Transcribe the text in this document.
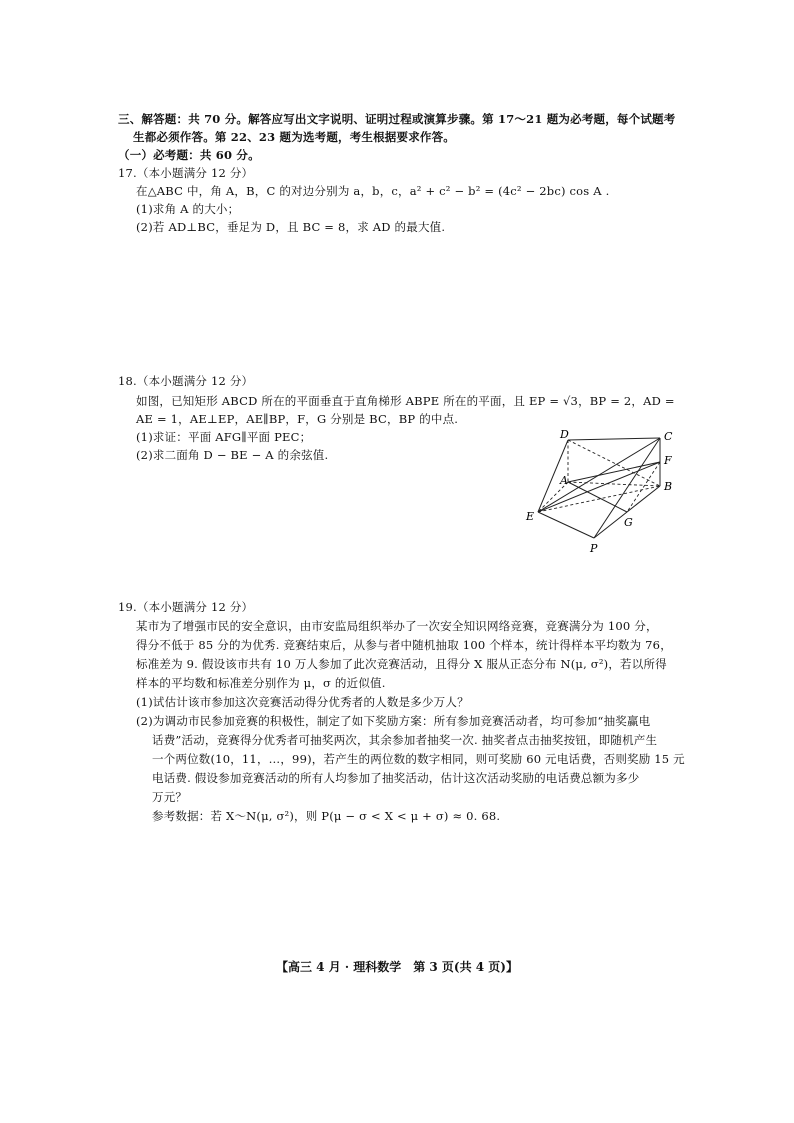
三、解答题：共 70 分。解答应写出文字说明、证明过程或演算步骤。第 17～21 题为必考题，每个试题考
生都必须作答。第 22、23 题为选考题，考生根据要求作答。
（一）必考题：共 60 分。
17.（本小题满分 12 分）
在△ABC 中，角 A，B，C 的对边分别为 a，b，c，a² + c² − b² = (4c² − 2bc) cos A .
(1)求角 A 的大小；
(2)若 AD⊥BC，垂足为 D，且 BC = 8，求 AD 的最大值.
18.（本小题满分 12 分）
如图，已知矩形 ABCD 所在的平面垂直于直角梯形 ABPE 所在的平面，且 EP = √3，BP = 2，AD =
AE = 1，AE⊥EP，AE∥BP，F，G 分别是 BC，BP 的中点.
(1)求证：平面 AFG∥平面 PEC；
(2)求二面角 D − BE − A 的余弦值.
D	C
F
A	B
E	G
P
19.（本小题满分 12 分）
某市为了增强市民的安全意识，由市安监局组织举办了一次安全知识网络竞赛，竞赛满分为 100 分，
得分不低于 85 分的为优秀. 竞赛结束后，从参与者中随机抽取 100 个样本，统计得样本平均数为 76，
标准差为 9. 假设该市共有 10 万人参加了此次竞赛活动，且得分 X 服从正态分布 N(μ, σ²)，若以所得
样本的平均数和标准差分别作为 μ，σ 的近似值.
(1)试估计该市参加这次竞赛活动得分优秀者的人数是多少万人？
(2)为调动市民参加竞赛的积极性，制定了如下奖励方案：所有参加竞赛活动者，均可参加“抽奖赢电
话费”活动，竞赛得分优秀者可抽奖两次，其余参加者抽奖一次. 抽奖者点击抽奖按钮，即随机产生
一个两位数(10，11，…，99)，若产生的两位数的数字相同，则可奖励 60 元电话费，否则奖励 15 元
电话费. 假设参加竞赛活动的所有人均参加了抽奖活动，估计这次活动奖励的电话费总额为多少
万元？
参考数据：若 X～N(μ, σ²)，则 P(μ − σ < X < μ + σ) ≈ 0. 68.
【高三 4 月 · 理科数学　第 3 页(共 4 页)】
